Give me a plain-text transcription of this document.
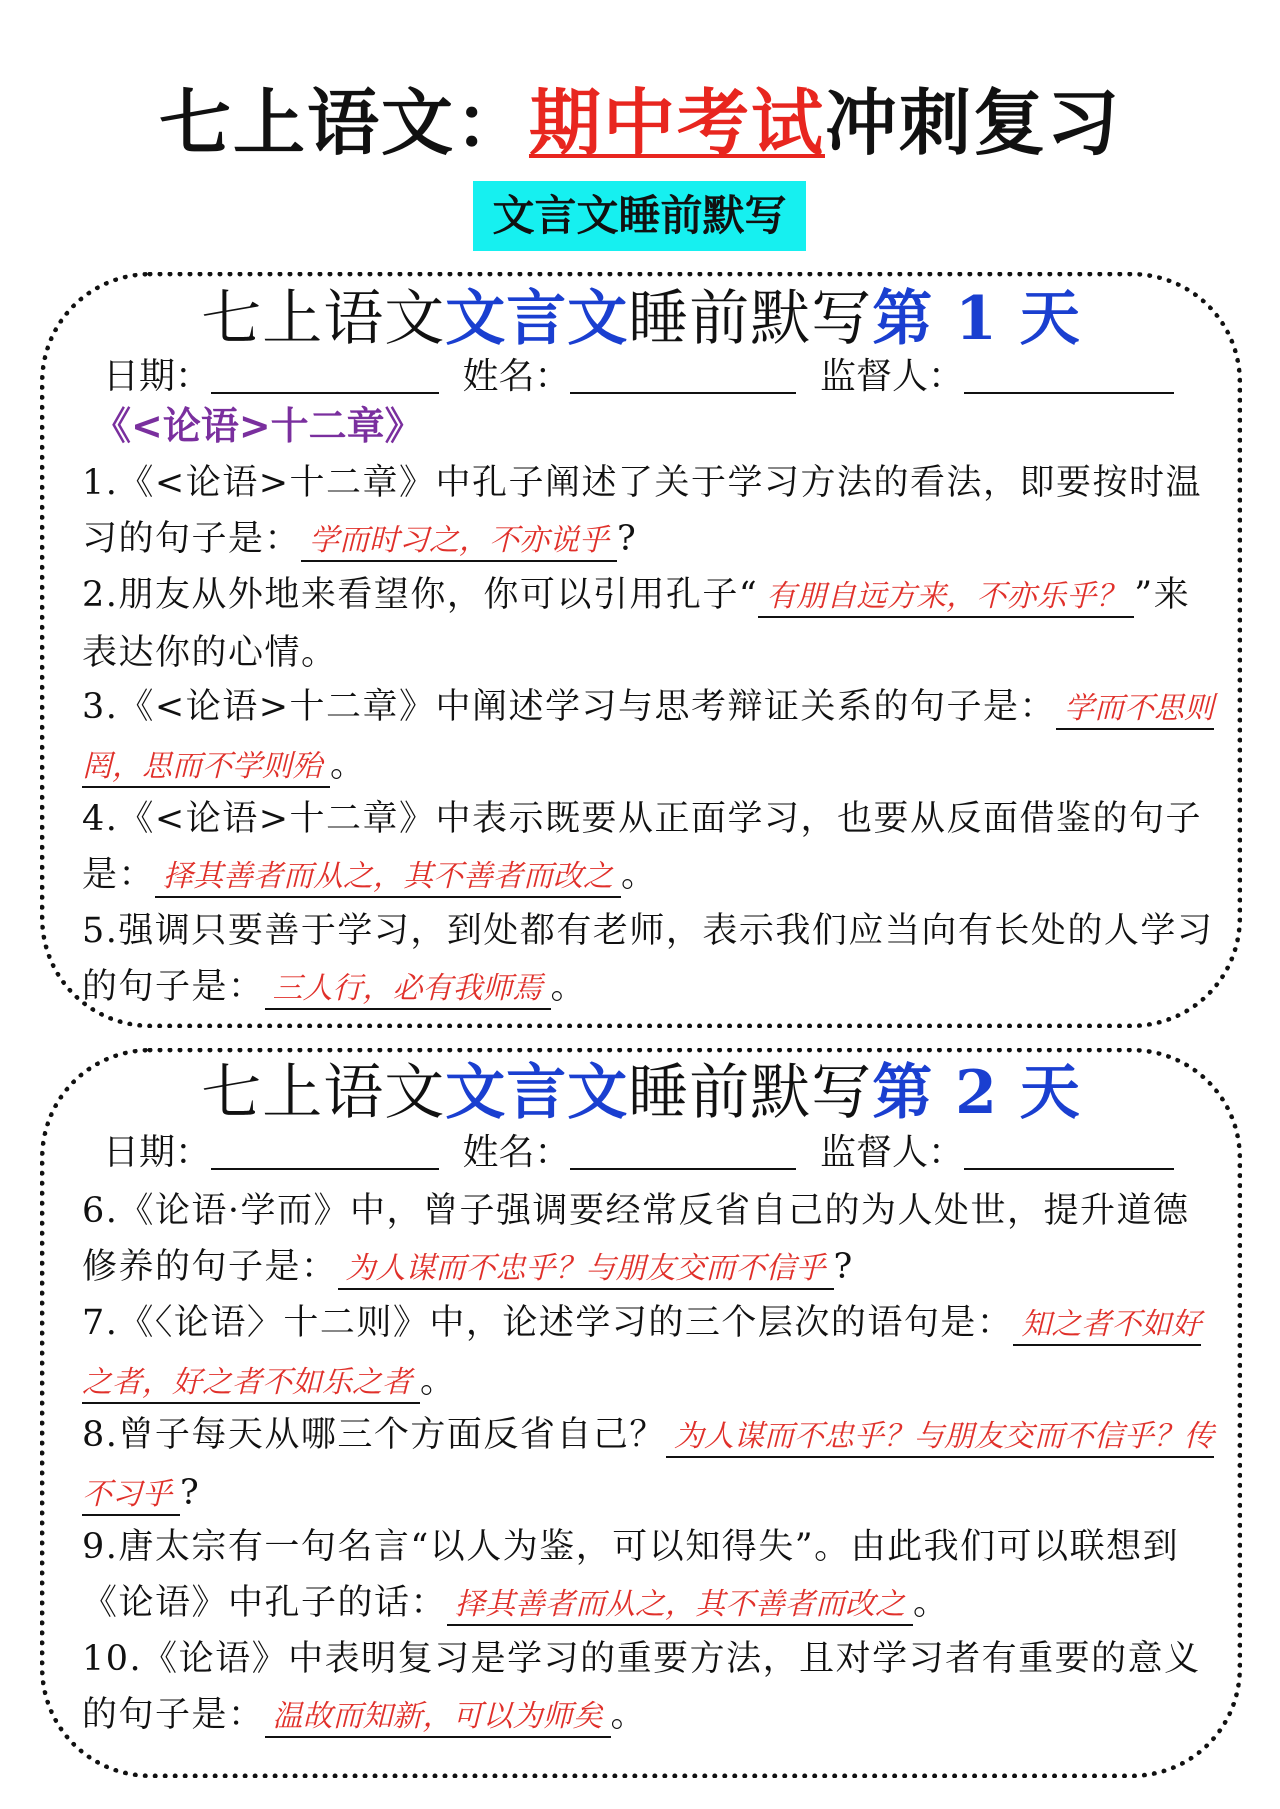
七上语文：期中考试冲刺复习
文言文睡前默写
七上语文文言文睡前默写第 1 天
日期：	姓名：	监督人：
《<论语>十二章》
1.《<论语>十二章》中孔子阐述了关于学习方法的看法，即要按时温习的句子是： 学而时习之，不亦说乎 ?
2.朋友从外地来看望你，你可以引用孔子“ 有朋自远方来，不亦乐乎？ ”来表达你的心情。
3.《<论语>十二章》中阐述学习与思考辩证关系的句子是： 学而不思则罔，思而不学则殆 。
4.《<论语>十二章》中表示既要从正面学习，也要从反面借鉴的句子是： 择其善者而从之，其不善者而改之 。
5.强调只要善于学习，到处都有老师，表示我们应当向有长处的人学习的句子是： 三人行，必有我师焉 。
七上语文文言文睡前默写第 2 天
日期：	姓名：	监督人：
6.《论语·学而》中，曾子强调要经常反省自己的为人处世，提升道德修养的句子是： 为人谋而不忠乎？与朋友交而不信乎 ?
7.《〈论语〉十二则》中，论述学习的三个层次的语句是： 知之者不如好之者，好之者不如乐之者 。
8.曾子每天从哪三个方面反省自己？ 为人谋而不忠乎？与朋友交而不信乎？传不习乎 ?
9.唐太宗有一句名言“以人为鉴，可以知得失”。由此我们可以联想到《论语》中孔子的话： 择其善者而从之，其不善者而改之 。
10.《论语》中表明复习是学习的重要方法，且对学习者有重要的意义的句子是： 温故而知新，可以为师矣 。
